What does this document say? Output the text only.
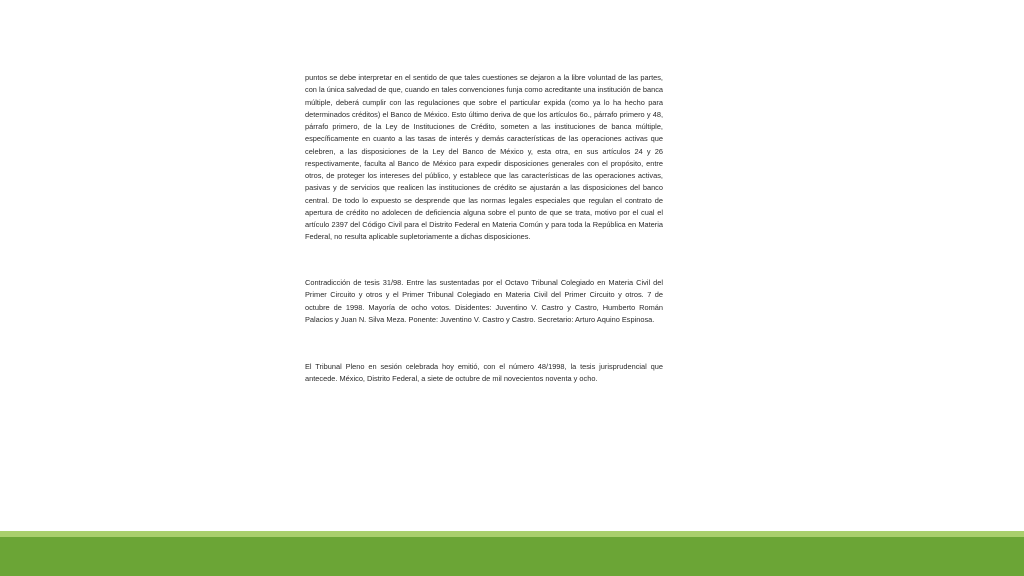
puntos se debe interpretar en el sentido de que tales cuestiones se dejaron a la libre voluntad de las partes, con la única salvedad de que, cuando en tales convenciones funja como acreditante una institución de banca múltiple, deberá cumplir con las regulaciones que sobre el particular expida (como ya lo ha hecho para determinados créditos) el Banco de México. Esto último deriva de que los artículos 6o., párrafo primero y 48, párrafo primero, de la Ley de Instituciones de Crédito, someten a las instituciones de banca múltiple, específicamente en cuanto a las tasas de interés y demás características de las operaciones activas que celebren, a las disposiciones de la Ley del Banco de México y, esta otra, en sus artículos 24 y 26 respectivamente, faculta al Banco de México para expedir disposiciones generales con el propósito, entre otros, de proteger los intereses del público, y establece que las características de las operaciones activas, pasivas y de servicios que realicen las instituciones de crédito se ajustarán a las disposiciones del banco central. De todo lo expuesto se desprende que las normas legales especiales que regulan el contrato de apertura de crédito no adolecen de deficiencia alguna sobre el punto de que se trata, motivo por el cual el artículo 2397 del Código Civil para el Distrito Federal en Materia Común y para toda la República en Materia Federal, no resulta aplicable supletoriamente a dichas disposiciones.

Contradicción de tesis 31/98. Entre las sustentadas por el Octavo Tribunal Colegiado en Materia Civil del Primer Circuito y otros y el Primer Tribunal Colegiado en Materia Civil del Primer Circuito y otros. 7 de octubre de 1998. Mayoría de ocho votos. Disidentes: Juventino V. Castro y Castro, Humberto Román Palacios y Juan N. Silva Meza. Ponente: Juventino V. Castro y Castro. Secretario: Arturo Aquino Espinosa.

El Tribunal Pleno en sesión celebrada hoy emitió, con el número 48/1998, la tesis jurisprudencial que antecede. México, Distrito Federal, a siete de octubre de mil novecientos noventa y ocho.
